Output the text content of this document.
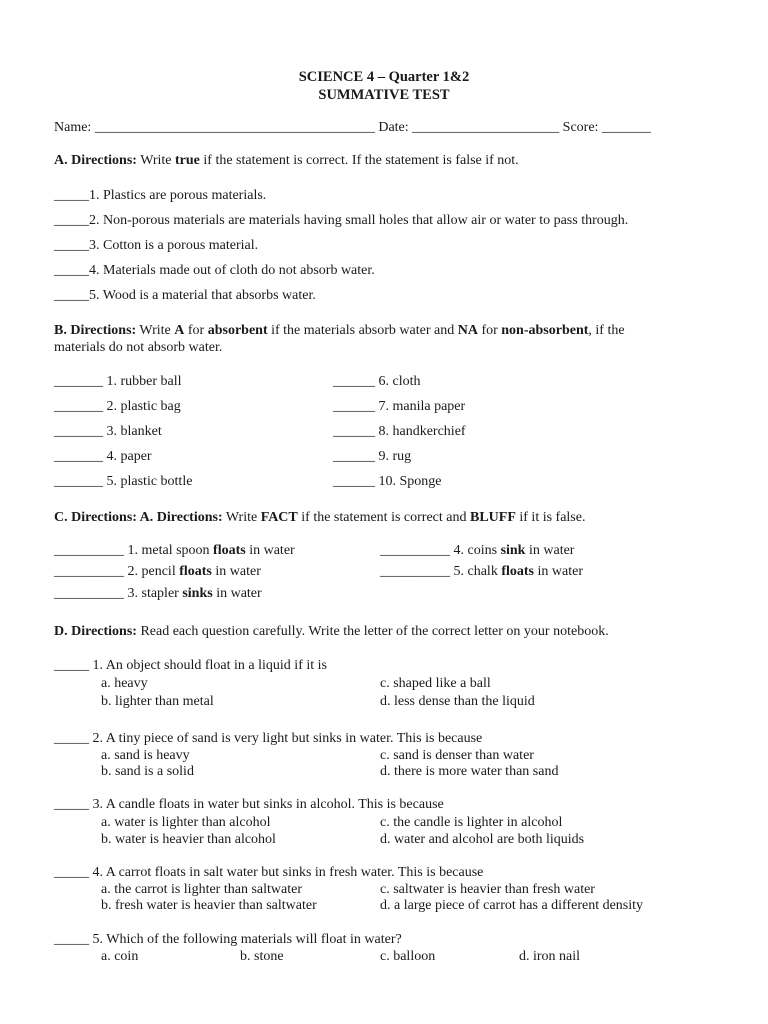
SCIENCE 4 – Quarter 1&2
SUMMATIVE TEST
Name: ________________________________________ Date: _____________________ Score: _______
A. Directions: Write true if the statement is correct. If the statement is false if not.
_____1. Plastics are porous materials.
_____2. Non-porous materials are materials having small holes that allow air or water to pass through.
_____3. Cotton is a porous material.
_____4. Materials made out of cloth do not absorb water.
_____5. Wood is a material that absorbs water.
B. Directions: Write A for absorbent if the materials absorb water and NA for non-absorbent, if the
materials do not absorb water.
_______ 1. rubber ball
_______ 2. plastic bag
_______ 3. blanket
_______ 4. paper
_______ 5. plastic bottle
______ 6. cloth
______ 7. manila paper
______ 8. handkerchief
______ 9. rug
______ 10. Sponge
C. Directions: A. Directions: Write FACT if the statement is correct and BLUFF if it is false.
__________ 1. metal spoon floats in water
__________ 2. pencil floats in water
__________ 3. stapler sinks in water
__________ 4. coins sink in water
__________ 5. chalk floats in water
D. Directions: Read each question carefully. Write the letter of the correct letter on your notebook.
_____ 1. An object should float in a liquid if it is
a. heavy
b. lighter than metal
c. shaped like a ball
d. less dense than the liquid
_____ 2. A tiny piece of sand is very light but sinks in water. This is because
a. sand is heavy
b. sand is a solid
c. sand is denser than water
d. there is more water than sand
_____ 3. A candle floats in water but sinks in alcohol. This is because
a. water is lighter than alcohol
b. water is heavier than alcohol
c. the candle is lighter in alcohol
d. water and alcohol are both liquids
_____ 4. A carrot floats in salt water but sinks in fresh water. This is because
a. the carrot is lighter than saltwater
b. fresh water is heavier than saltwater
c. saltwater is heavier than fresh water
d. a large piece of carrot has a different density
_____ 5. Which of the following materials will float in water?
a. coin	b. stone	c. balloon	d. iron nail
